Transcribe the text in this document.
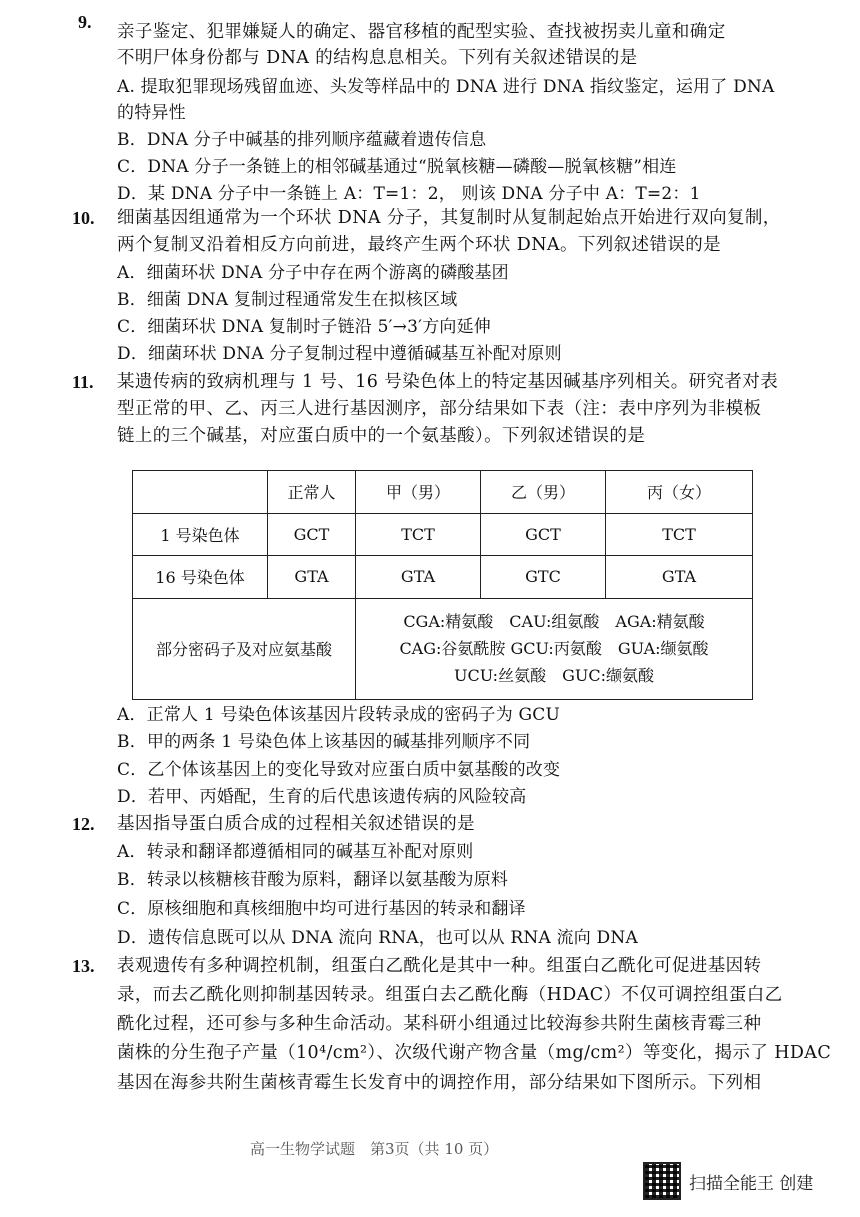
9. 亲子鉴定、犯罪嫌疑人的确定、器官移植的配型实验、查找被拐卖儿童和确定
不明尸体身份都与 DNA 的结构息息相关。下列有关叙述错误的是
A. 提取犯罪现场残留血迹、头发等样品中的 DNA 进行 DNA 指纹鉴定，运用了 DNA
的特异性
B．DNA 分子中碱基的排列顺序蕴藏着遗传信息
C．DNA 分子一条链上的相邻碱基通过“脱氧核糖—磷酸—脱氧核糖”相连
D．某 DNA 分子中一条链上 A：T=1：2， 则该 DNA 分子中 A：T=2：1
10. 细菌基因组通常为一个环状 DNA 分子，其复制时从复制起始点开始进行双向复制，
两个复制叉沿着相反方向前进，最终产生两个环状 DNA。下列叙述错误的是
A．细菌环状 DNA 分子中存在两个游离的磷酸基团
B．细菌 DNA 复制过程通常发生在拟核区域
C．细菌环状 DNA 复制时子链沿 5′→3′方向延伸
D．细菌环状 DNA 分子复制过程中遵循碱基互补配对原则
11. 某遗传病的致病机理与 1 号、16 号染色体上的特定基因碱基序列相关。研究者对表
型正常的甲、乙、丙三人进行基因测序，部分结果如下表（注：表中序列为非模板
链上的三个碱基，对应蛋白质中的一个氨基酸）。下列叙述错误的是
	正常人	甲（男）	乙（男）	丙（女）
1 号染色体	GCT	TCT	GCT	TCT
16 号染色体	GTA	GTA	GTC	GTA
部分密码子及对应氨基酸		CGA:精氨酸　CAU:组氨酸　AGA:精氨酸
CAG:谷氨酰胺 GCU:丙氨酸　GUA:缬氨酸
UCU:丝氨酸　GUC:缬氨酸		
A．正常人 1 号染色体该基因片段转录成的密码子为 GCU
B．甲的两条 1 号染色体上该基因的碱基排列顺序不同
C．乙个体该基因上的变化导致对应蛋白质中氨基酸的改变
D．若甲、丙婚配，生育的后代患该遗传病的风险较高
12. 基因指导蛋白质合成的过程相关叙述错误的是
A．转录和翻译都遵循相同的碱基互补配对原则
B．转录以核糖核苷酸为原料，翻译以氨基酸为原料
C．原核细胞和真核细胞中均可进行基因的转录和翻译
D．遗传信息既可以从 DNA 流向 RNA，也可以从 RNA 流向 DNA
13. 表观遗传有多种调控机制，组蛋白乙酰化是其中一种。组蛋白乙酰化可促进基因转
录，而去乙酰化则抑制基因转录。组蛋白去乙酰化酶（HDAC）不仅可调控组蛋白乙
酰化过程，还可参与多种生命活动。某科研小组通过比较海参共附生菌核青霉三种
菌株的分生孢子产量（10⁴/cm²）、次级代谢产物含量（mg/cm²）等变化，揭示了 HDAC
基因在海参共附生菌核青霉生长发育中的调控作用，部分结果如下图所示。下列相
高一生物学试题　第3页（共 10 页）
扫描全能王 创建
